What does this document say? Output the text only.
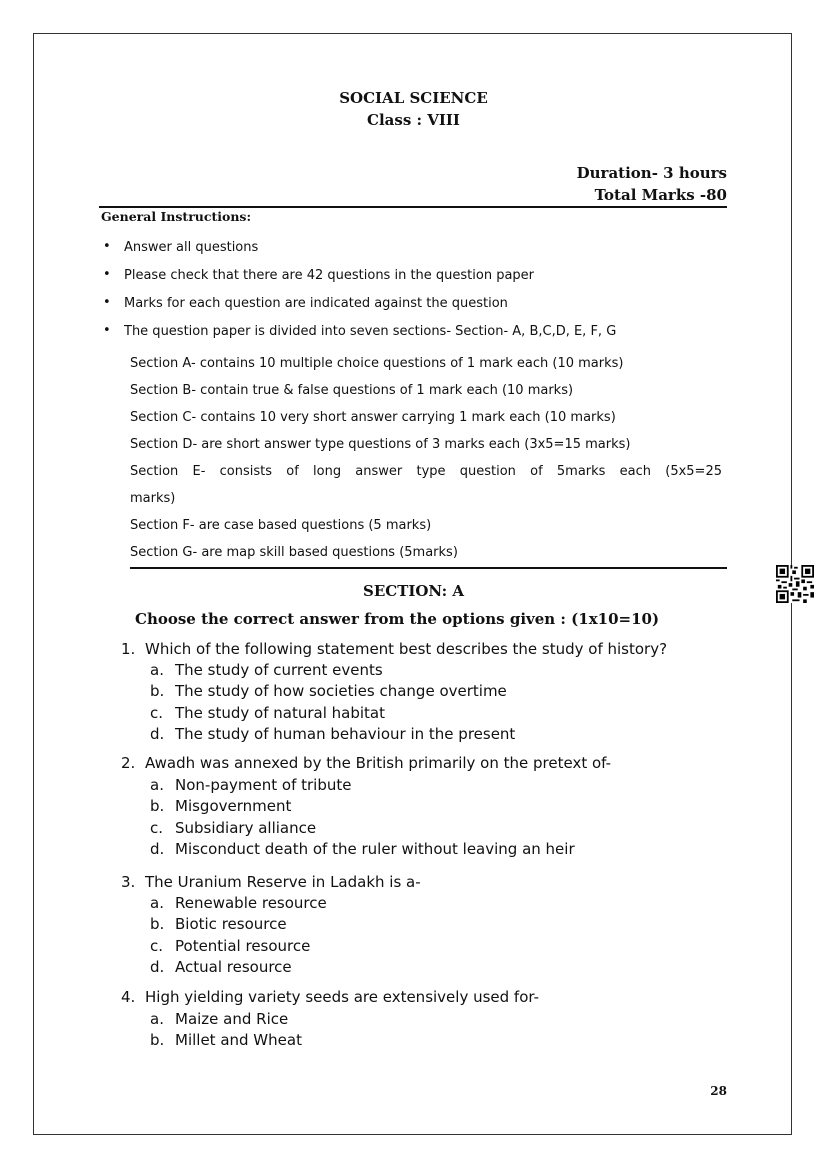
SOCIAL SCIENCE
Class : VIII
Duration- 3 hours
Total Marks -80
General Instructions:
• Answer all questions
• Please check that there are 42 questions in the question paper
• Marks for each question are indicated against the question
• The question paper is divided into seven sections- Section- A, B,C,D, E, F, G
Section A- contains 10 multiple choice questions of 1 mark each (10 marks)
Section B- contain true & false questions of 1 mark each (10 marks)
Section C- contains 10 very short answer carrying 1 mark each (10 marks)
Section D- are short answer type questions of 3 marks each (3x5=15 marks)
Section E- consists of long answer type question of 5marks each (5x5=25
marks)
Section F- are case based questions (5 marks)
Section G- are map skill based questions (5marks)
SECTION: A
Choose the correct answer from the options given : (1x10=10)
1. Which of the following statement best describes the study of history?
a. The study of current events
b. The study of how societies change overtime
c. The study of natural habitat
d. The study of human behaviour in the present
2. Awadh was annexed by the British primarily on the pretext of-
a. Non-payment of tribute
b. Misgovernment
c. Subsidiary alliance
d. Misconduct death of the ruler without leaving an heir
3. The Uranium Reserve in Ladakh is a-
a. Renewable resource
b. Biotic resource
c. Potential resource
d. Actual resource
4. High yielding variety seeds are extensively used for-
a. Maize and Rice
b. Millet and Wheat
28
